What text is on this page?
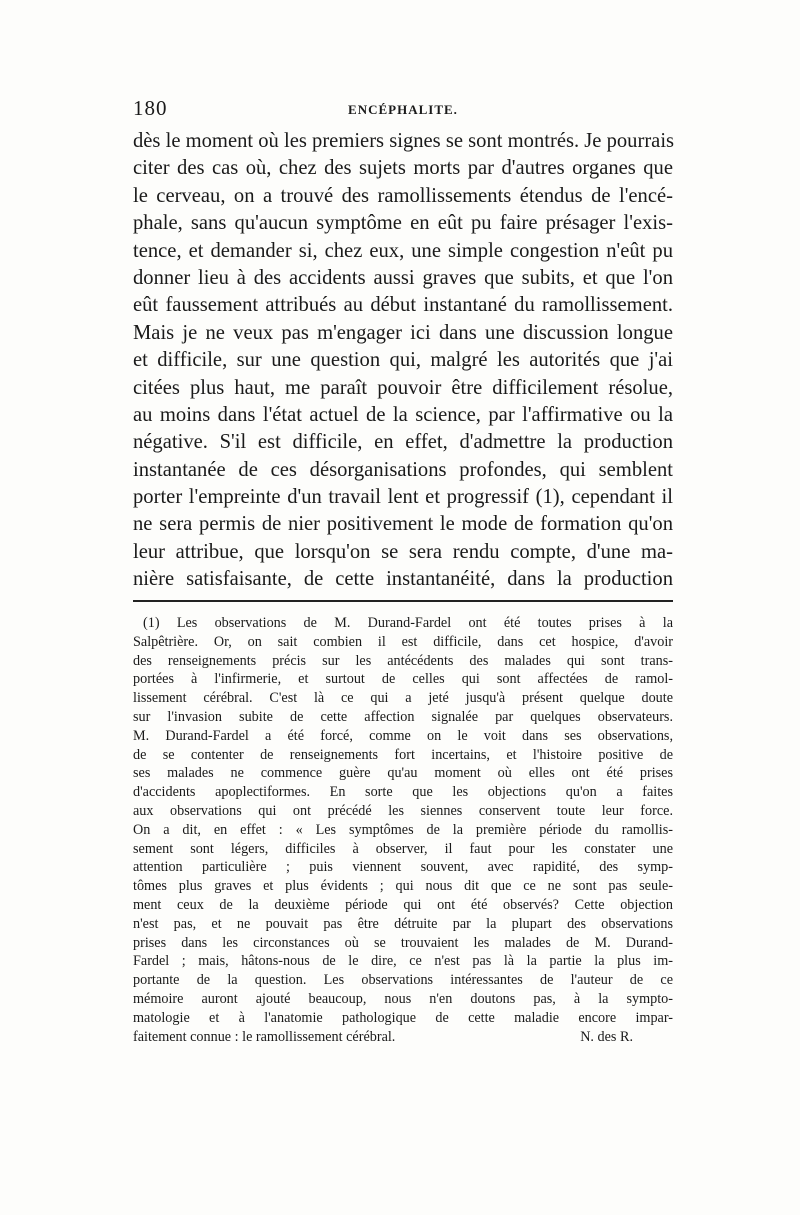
180	ENCÉPHALITE.
dès le moment où les premiers signes se sont montrés. Je pourrais
citer des cas où, chez des sujets morts par d'autres organes que
le cerveau, on a trouvé des ramollissements étendus de l'encé-
phale, sans qu'aucun symptôme en eût pu faire présager l'exis-
tence, et demander si, chez eux, une simple congestion n'eût pu
donner lieu à des accidents aussi graves que subits, et que l'on
eût faussement attribués au début instantané du ramollissement.
Mais je ne veux pas m'engager ici dans une discussion longue
et difficile, sur une question qui, malgré les autorités que j'ai
citées plus haut, me paraît pouvoir être difficilement résolue,
au moins dans l'état actuel de la science, par l'affirmative ou la
négative. S'il est difficile, en effet, d'admettre la production
instantanée de ces désorganisations profondes, qui semblent
porter l'empreinte d'un travail lent et progressif (1), cependant il
ne sera permis de nier positivement le mode de formation qu'on
leur attribue, que lorsqu'on se sera rendu compte, d'une ma-
nière satisfaisante, de cette instantanéité, dans la production
(1) Les observations de M. Durand-Fardel ont été toutes prises à la
Salpêtrière. Or, on sait combien il est difficile, dans cet hospice, d'avoir
des renseignements précis sur les antécédents des malades qui sont trans-
portées à l'infirmerie, et surtout de celles qui sont affectées de ramol-
lissement cérébral. C'est là ce qui a jeté jusqu'à présent quelque doute
sur l'invasion subite de cette affection signalée par quelques observateurs.
M. Durand-Fardel a été forcé, comme on le voit dans ses observations,
de se contenter de renseignements fort incertains, et l'histoire positive de
ses malades ne commence guère qu'au moment où elles ont été prises
d'accidents apoplectiformes. En sorte que les objections qu'on a faites
aux observations qui ont précédé les siennes conservent toute leur force.
On a dit, en effet : « Les symptômes de la première période du ramollis-
sement sont légers, difficiles à observer, il faut pour les constater une
attention particulière ; puis viennent souvent, avec rapidité, des symp-
tômes plus graves et plus évidents ; qui nous dit que ce ne sont pas seule-
ment ceux de la deuxième période qui ont été observés? Cette objection
n'est pas, et ne pouvait pas être détruite par la plupart des observations
prises dans les circonstances où se trouvaient les malades de M. Durand-
Fardel ; mais, hâtons-nous de le dire, ce n'est pas là la partie la plus im-
portante de la question. Les observations intéressantes de l'auteur de ce
mémoire auront ajouté beaucoup, nous n'en doutons pas, à la sympto-
matologie et à l'anatomie pathologique de cette maladie encore impar-
faitement connue : le ramollissement cérébral.	N. des R.
